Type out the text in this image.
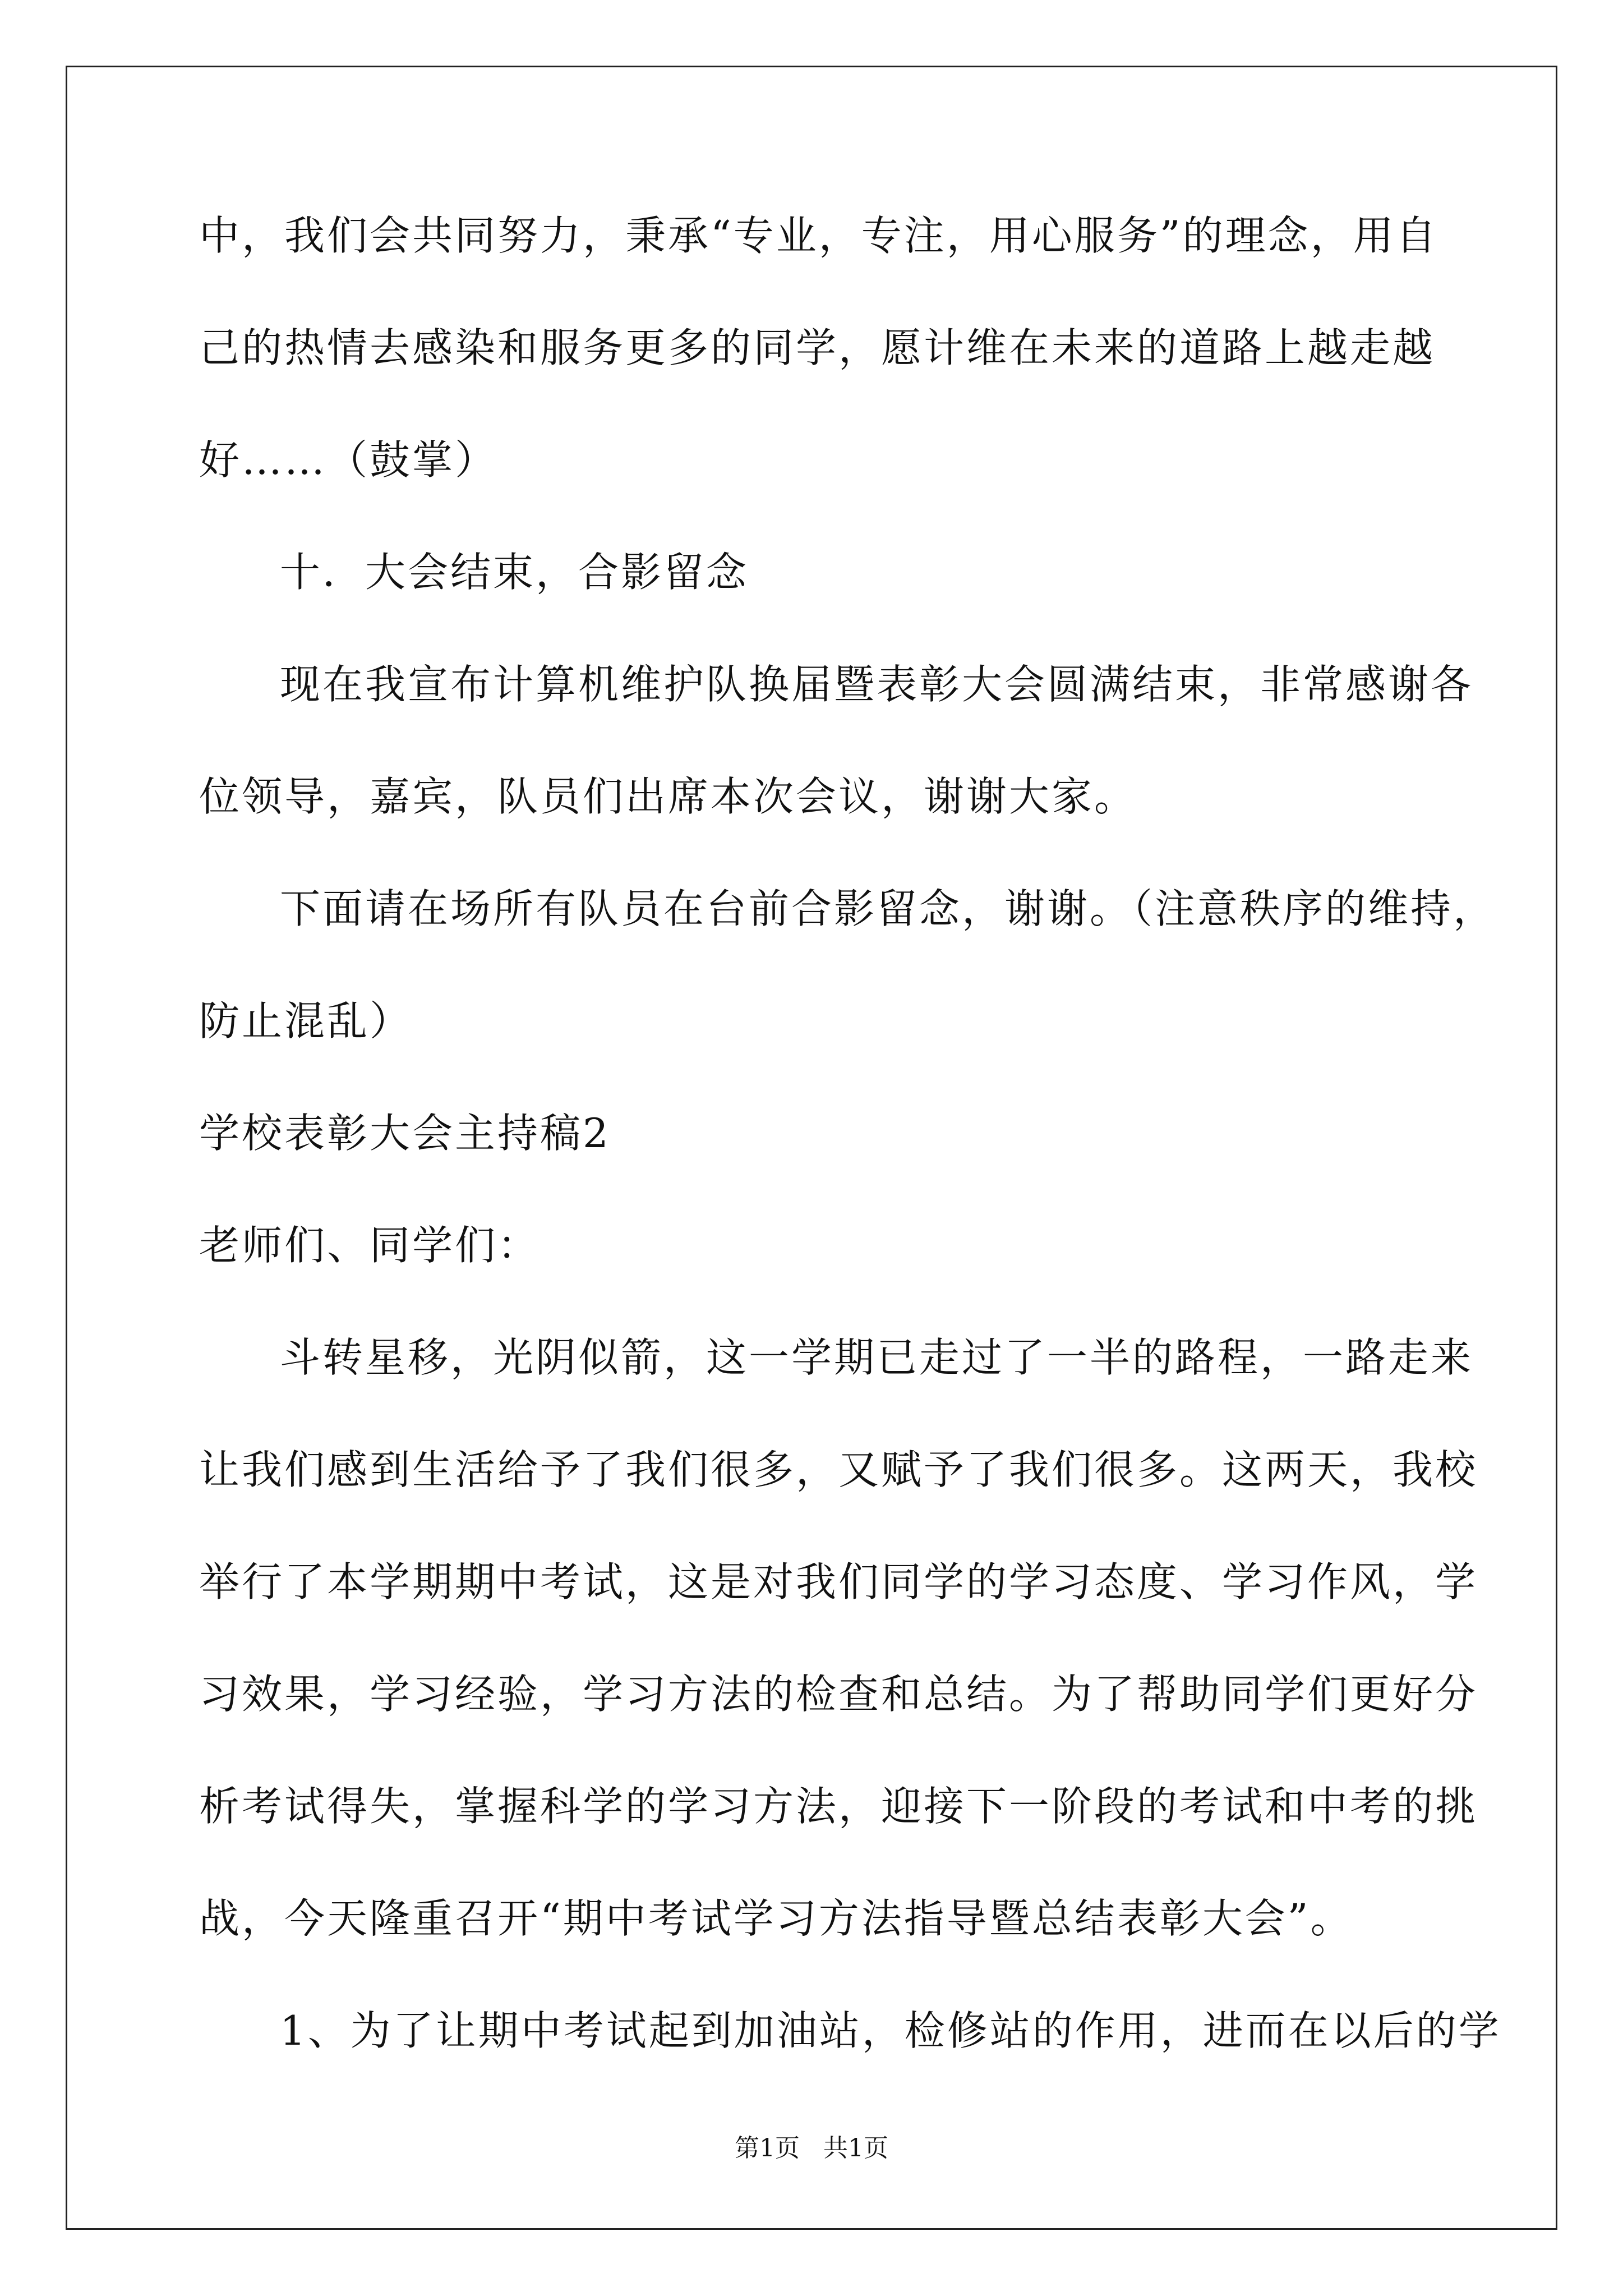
中，我们会共同努力，秉承“专业，专注，用心服务”的理念，用自
己的热情去感染和服务更多的同学，愿计维在未来的道路上越走越
好……（鼓掌）
十．大会结束，合影留念
现在我宣布计算机维护队换届暨表彰大会圆满结束，非常感谢各
位领导，嘉宾，队员们出席本次会议，谢谢大家。
下面请在场所有队员在台前合影留念，谢谢。（注意秩序的维持，
防止混乱）
学校表彰大会主持稿2
老师们、同学们：
斗转星移，光阴似箭，这一学期已走过了一半的路程，一路走来
让我们感到生活给予了我们很多，又赋予了我们很多。这两天，我校
举行了本学期期中考试，这是对我们同学的学习态度、学习作风，学
习效果，学习经验，学习方法的检查和总结。为了帮助同学们更好分
析考试得失，掌握科学的学习方法，迎接下一阶段的考试和中考的挑
战，今天隆重召开“期中考试学习方法指导暨总结表彰大会”。
1、为了让期中考试起到加油站，检修站的作用，进而在以后的学
第1页 共1页
